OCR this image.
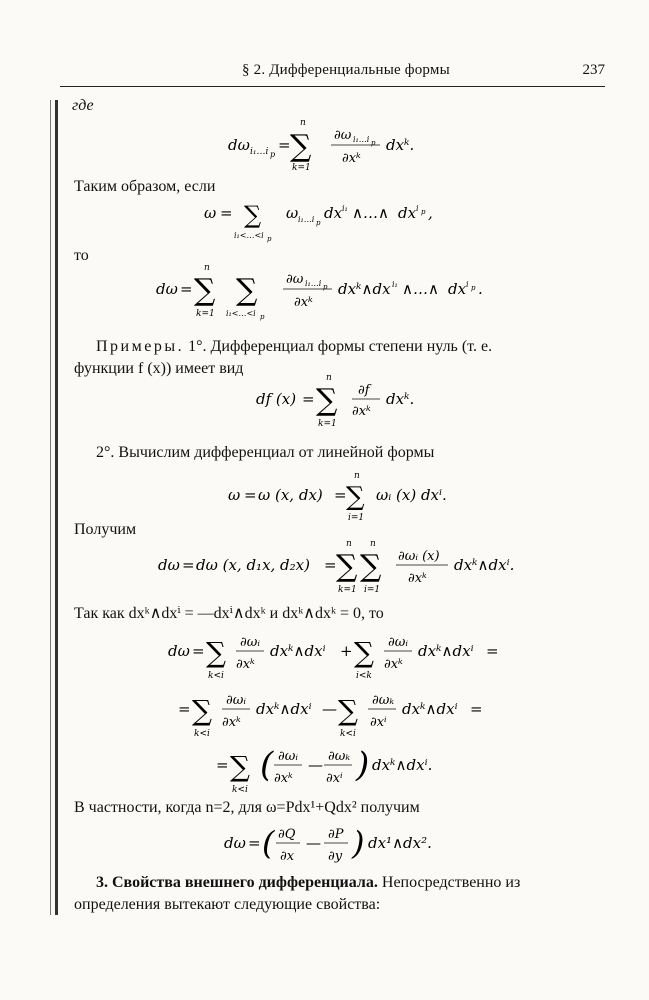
§ 2. Дифференциальные формы	237
где
dω i₁…i p
= ∑
n
k=1
∂ω i₁…i p
∂xᵏ
dxᵏ.
Таким образом, если
ω = ∑
i₁<…<i p
ω i₁…i p
dx i₁ ∧…∧ dx i p ,
то
dω = ∑
n
k=1
∑
i₁<…<i p
∂ω i₁…i p
∂xᵏ
dxᵏ∧dx i₁ ∧…∧ dx i p .
Примеры. 1°. Дифференциал формы степени нуль (т. е.
функции f (x)) имеет вид
df (x) = ∑
n
k=1
∂f
∂xᵏ
dxᵏ.
2°. Вычислим дифференциал от линейной формы
ω = ω (x, dx) = ∑
n
i=1
ωᵢ (x) dxⁱ.
Получим
dω = dω (x, d₁x, d₂x) = ∑
n
k=1
∑
n
i=1
∂ωᵢ (x)
∂xᵏ
dxᵏ∧dxⁱ.
Так как dxᵏ∧dxⁱ = —dxⁱ∧dxᵏ и dxᵏ∧dxᵏ = 0, то
dω = ∑
k<i
∂ωᵢ
∂xᵏ
dxᵏ∧dxⁱ + ∑
i<k
∂ωᵢ
∂xᵏ
dxᵏ∧dxⁱ =
= ∑
k<i
∂ωᵢ
∂xᵏ
dxᵏ∧dxⁱ — ∑
k<i
∂ωₖ
∂xⁱ
dxᵏ∧dxⁱ =
= ∑
k<i
( ∂ωᵢ
∂xᵏ
— ∂ωₖ
∂xⁱ ) dxᵏ∧dxⁱ.
В частности, когда n=2, для ω=Pdx¹+Qdx² получим
dω = ( ∂Q
∂x
— ∂P
∂y ) dx¹∧dx².
3. Свойства внешнего дифференциала. Непосредственно из
определения вытекают следующие свойства:
